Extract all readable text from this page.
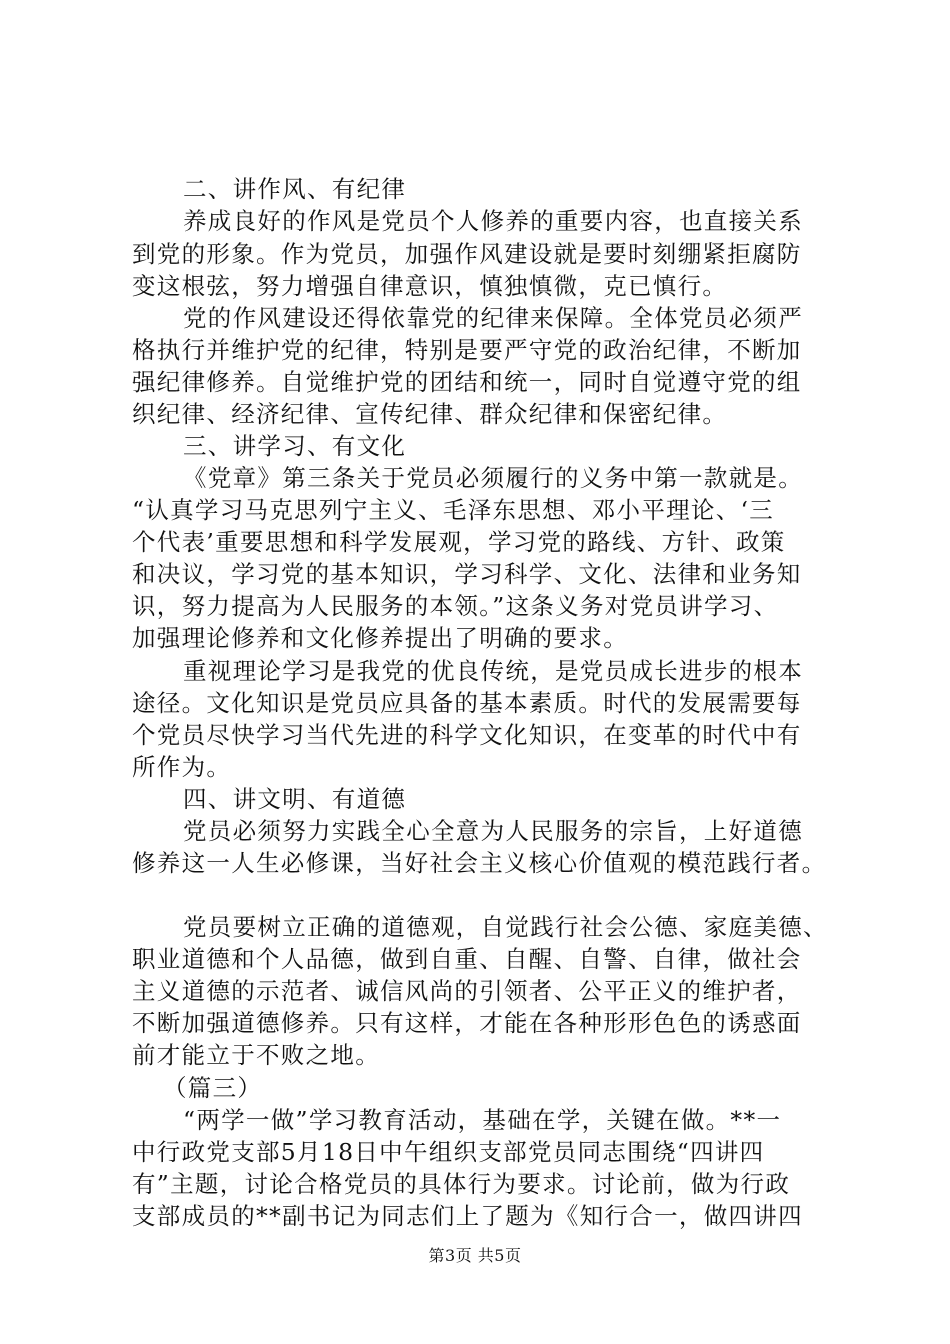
二、讲作风、有纪律
养成良好的作风是党员个人修养的重要内容，也直接关系
到党的形象。作为党员，加强作风建设就是要时刻绷紧拒腐防
变这根弦，努力增强自律意识，慎独慎微，克已慎行。
党的作风建设还得依靠党的纪律来保障。全体党员必须严
格执行并维护党的纪律，特别是要严守党的政治纪律，不断加
强纪律修养。自觉维护党的团结和统一，同时自觉遵守党的组
织纪律、经济纪律、宣传纪律、群众纪律和保密纪律。
三、讲学习、有文化
《党章》第三条关于党员必须履行的义务中第一款就是。
“认真学习马克思列宁主义、毛泽东思想、邓小平理论、‘三
个代表’重要思想和科学发展观，学习党的路线、方针、政策
和决议，学习党的基本知识，学习科学、文化、法律和业务知
识，努力提高为人民服务的本领。”这条义务对党员讲学习、
加强理论修养和文化修养提出了明确的要求。
重视理论学习是我党的优良传统，是党员成长进步的根本
途径。文化知识是党员应具备的基本素质。时代的发展需要每
个党员尽快学习当代先进的科学文化知识，在变革的时代中有
所作为。
四、讲文明、有道德
党员必须努力实践全心全意为人民服务的宗旨，上好道德
修养这一人生必修课，当好社会主义核心价值观的模范践行者。
党员要树立正确的道德观，自觉践行社会公德、家庭美德、
职业道德和个人品德，做到自重、自醒、自警、自律，做社会
主义道德的示范者、诚信风尚的引领者、公平正义的维护者，
不断加强道德修养。只有这样，才能在各种形形色色的诱惑面
前才能立于不败之地。
（篇三）
“两学一做”学习教育活动，基础在学，关键在做。**一
中行政党支部5月18日中午组织支部党员同志围绕“四讲四
有”主题，讨论合格党员的具体行为要求。讨论前，做为行政
支部成员的**副书记为同志们上了题为《知行合一，做四讲四
第3页 共5页
